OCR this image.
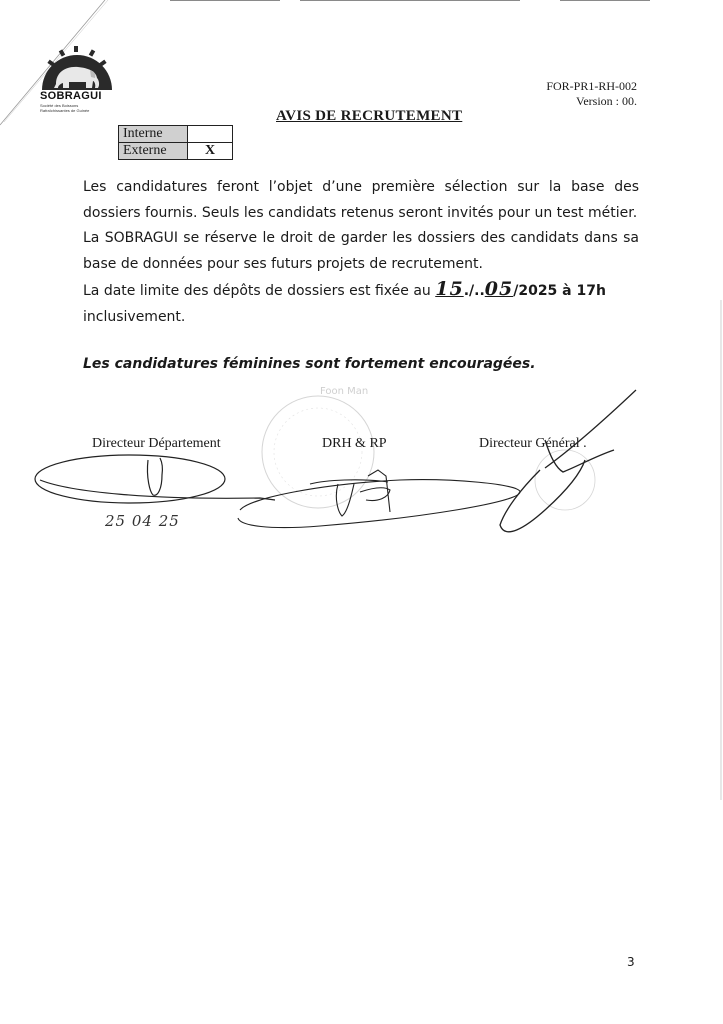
SOBRAGUI
Société des Boissons Rafraîchissantes de Guinée
FOR-PR1-RH-002
Version : 00.
AVIS DE RECRUTEMENT
Interne	
Externe	X

Les candidatures feront l’objet d’une première sélection sur la base des dossiers fournis. Seuls les candidats retenus seront invités pour un test métier.

La SOBRAGUI se réserve le droit de garder les dossiers des candidats dans sa base de données pour ses futurs projets de recrutement.

La date limite des dépôts de dossiers est fixée au 15./..05/2025 à 17h
inclusivement.

Les candidatures féminines sont fortement encouragées.
Directeur Département	DRH & RP	Directeur Général .
Foon Man
25 04 25
3
